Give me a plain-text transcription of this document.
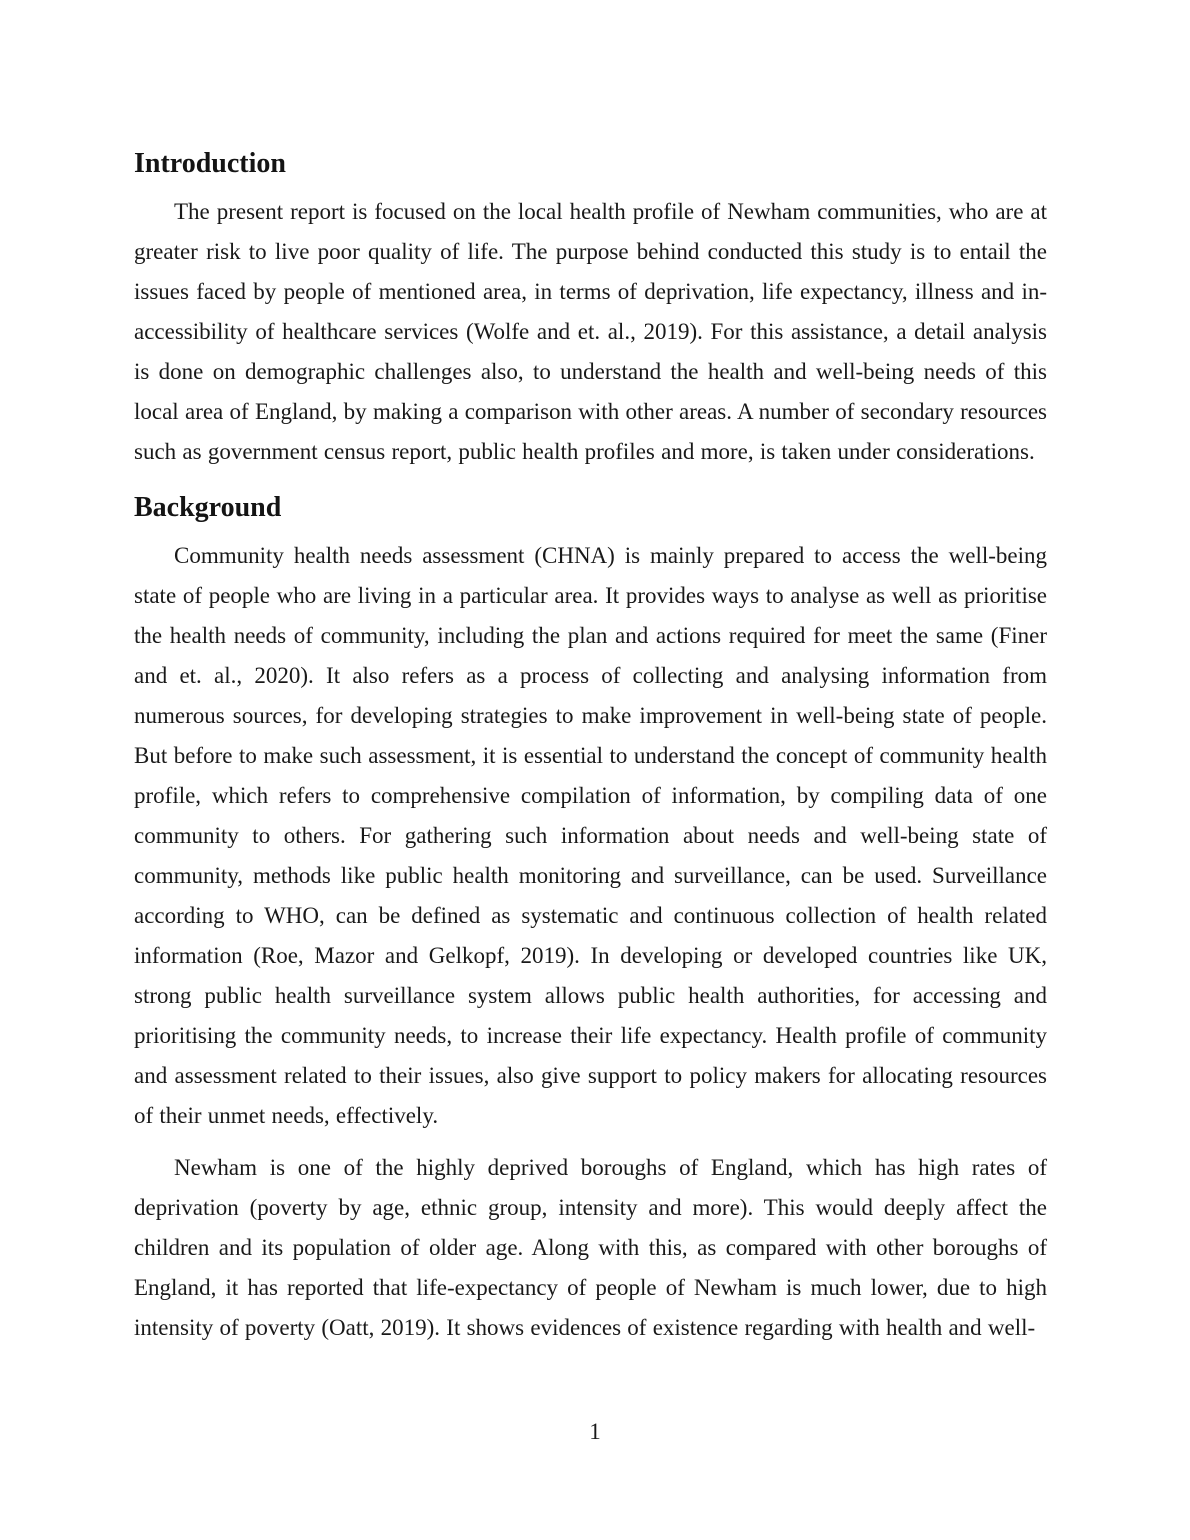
Introduction

The present report is focused on the local health profile of Newham communities, who are at greater risk to live poor quality of life. The purpose behind conducted this study is to entail the issues faced by people of mentioned area, in terms of deprivation, life expectancy, illness and in-accessibility of healthcare services (Wolfe and et. al., 2019). For this assistance, a detail analysis is done on demographic challenges also, to understand the health and well-being needs of this local area of England, by making a comparison with other areas. A number of secondary resources such as government census report, public health profiles and more, is taken under considerations.

Background

Community health needs assessment (CHNA) is mainly prepared to access the well-being state of people who are living in a particular area. It provides ways to analyse as well as prioritise the health needs of community, including the plan and actions required for meet the same (Finer and et. al., 2020). It also refers as a process of collecting and analysing information from numerous sources, for developing strategies to make improvement in well-being state of people. But before to make such assessment, it is essential to understand the concept of community health profile, which refers to comprehensive compilation of information, by compiling data of one community to others. For gathering such information about needs and well-being state of community, methods like public health monitoring and surveillance, can be used. Surveillance according to WHO, can be defined as systematic and continuous collection of health related information (Roe, Mazor and Gelkopf, 2019). In developing or developed countries like UK, strong public health surveillance system allows public health authorities, for accessing and prioritising the community needs, to increase their life expectancy. Health profile of community and assessment related to their issues, also give support to policy makers for allocating resources of their unmet needs, effectively.

Newham is one of the highly deprived boroughs of England, which has high rates of deprivation (poverty by age, ethnic group, intensity and more). This would deeply affect the children and its population of older age. Along with this, as compared with other boroughs of England, it has reported that life-expectancy of people of Newham is much lower, due to high intensity of poverty (Oatt, 2019). It shows evidences of existence regarding with health and well-

1
